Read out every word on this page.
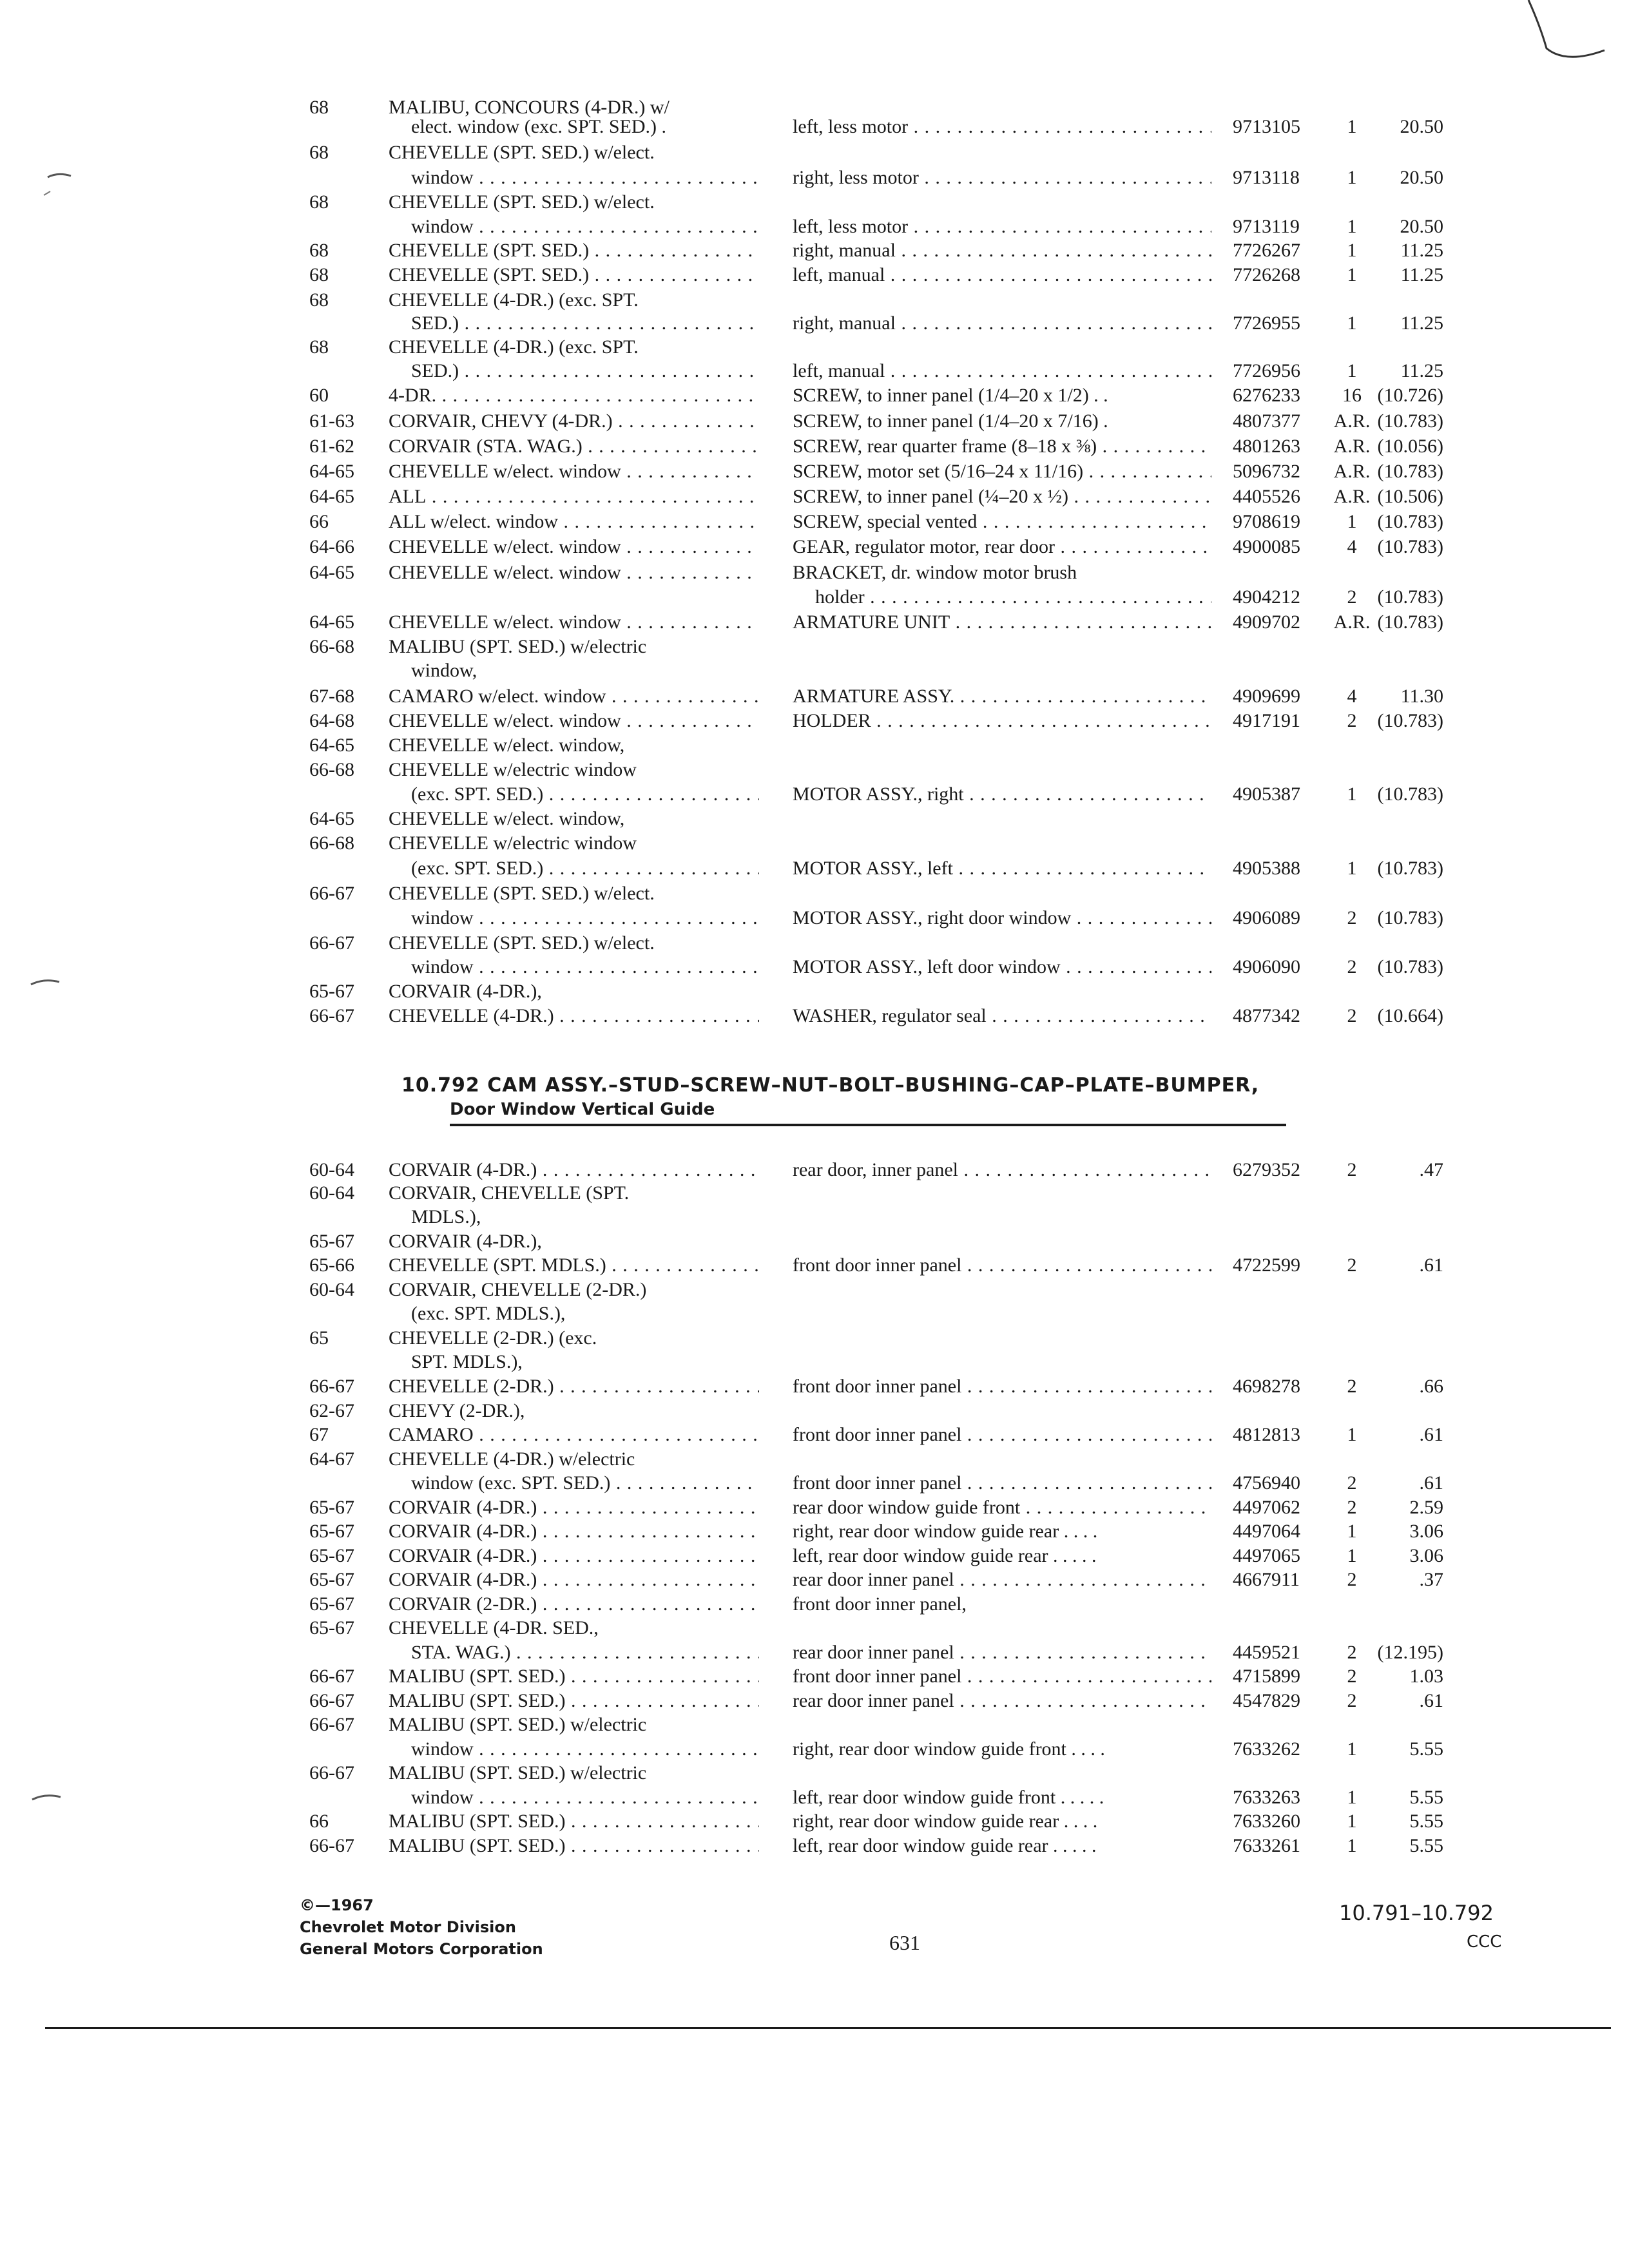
68	MALIBU, CONCOURS (4-DR.) w/
elect. window (exc. SPT. SED.) .	left, less motor . . .	9713105	1	20.50
68	CHEVELLE (SPT. SED.) w/elect.
window . . .	right, less motor . . .	9713118	1	20.50
68	CHEVELLE (SPT. SED.) w/elect.
window . . .	left, less motor . . .	9713119	1	20.50
68	CHEVELLE (SPT. SED.) . . .	right, manual . . .	7726267	1	11.25
68	CHEVELLE (SPT. SED.) . . .	left, manual . . .	7726268	1	11.25
68	CHEVELLE (4-DR.) (exc. SPT.
SED.) . . .	right, manual . . .	7726955	1	11.25
68	CHEVELLE (4-DR.) (exc. SPT.
SED.) . . .	left, manual . . .	7726956	1	11.25
60	4-DR. . . .	SCREW, to inner panel (1/4–20 x 1/2) . .	6276233	16 (10.726)
61-63 CORVAIR, CHEVY (4-DR.) . . .	SCREW, to inner panel (1/4–20 x 7/16) .	4807377 A.R. (10.783)
61-62 CORVAIR (STA. WAG.) . . .	SCREW, rear quarter frame (8–18 x ⅜) . . .	4801263 A.R. (10.056)
64-65 CHEVELLE w/elect. window . . .	SCREW, motor set (5/16–24 x 11/16) . . .	5096732 A.R. (10.783)
64-65 ALL . . .	SCREW, to inner panel (¼–20 x ½) . . .	4405526 A.R. (10.506)
66	ALL w/elect. window . . .	SCREW, special vented . . .	9708619	1	(10.783)
64-66 CHEVELLE w/elect. window . . .	GEAR, regulator motor, rear door . . .	4900085	4	(10.783)
64-65 CHEVELLE w/elect. window . . .	BRACKET, dr. window motor brush
holder . . .	4904212	2	(10.783)
64-65 CHEVELLE w/elect. window . . .	ARMATURE UNIT . . .	4909702 A.R. (10.783)
66-68 MALIBU (SPT. SED.) w/electric
window,
67-68 CAMARO w/elect. window . . .	ARMATURE ASSY. . . .	4909699	4	11.30
64-68 CHEVELLE w/elect. window . . .	HOLDER . . .	4917191	2	(10.783)
64-65 CHEVELLE w/elect. window,
66-68 CHEVELLE w/electric window
(exc. SPT. SED.) . . .	MOTOR ASSY., right . . .	4905387	1	(10.783)
64-65 CHEVELLE w/elect. window,
66-68 CHEVELLE w/electric window
(exc. SPT. SED.) . . .	MOTOR ASSY., left . . .	4905388	1	(10.783)
66-67 CHEVELLE (SPT. SED.) w/elect.
window . . .	MOTOR ASSY., right door window . . .	4906089	2	(10.783)
66-67 CHEVELLE (SPT. SED.) w/elect.
window . . .	MOTOR ASSY., left door window . . .	4906090	2	(10.783)
65-67 CORVAIR (4-DR.),
66-67 CHEVELLE (4-DR.) . . .	WASHER, regulator seal . . .	4877342	2	(10.664)
60-64 CORVAIR (4-DR.) . . .	rear door, inner panel . . .	6279352	2	.47
60-64 CORVAIR, CHEVELLE (SPT.
MDLS.),
65-67 CORVAIR (4-DR.),
65-66 CHEVELLE (SPT. MDLS.) . . .	front door inner panel . . .	4722599	2	.61
60-64 CORVAIR, CHEVELLE (2-DR.)
(exc. SPT. MDLS.),
65	CHEVELLE (2-DR.) (exc.
SPT. MDLS.),
66-67 CHEVELLE (2-DR.) . . .	front door inner panel . . .	4698278	2	.66
62-67 CHEVY (2-DR.),
67	CAMARO . . .	front door inner panel . . .	4812813	1	.61
64-67 CHEVELLE (4-DR.) w/electric
window (exc. SPT. SED.) . . .	front door inner panel . . .	4756940	2	.61
65-67 CORVAIR (4-DR.) . . .	rear door window guide front . . .	4497062	2	2.59
65-67 CORVAIR (4-DR.) . . .	right, rear door window guide rear . . . .	4497064	1	3.06
65-67 CORVAIR (4-DR.) . . .	left, rear door window guide rear . . . . .	4497065	1	3.06
65-67 CORVAIR (4-DR.) . . .	rear door inner panel . . .	4667911	2	.37
65-67 CORVAIR (2-DR.) . . .	front door inner panel,
65-67 CHEVELLE (4-DR. SED.,
STA. WAG.) . . .	rear door inner panel . . .	4459521	2	(12.195)
66-67 MALIBU (SPT. SED.) . . .	front door inner panel . . .	4715899	2	1.03
66-67 MALIBU (SPT. SED.) . . .	rear door inner panel . . .	4547829	2	.61
66-67 MALIBU (SPT. SED.) w/electric
window . . .	right, rear door window guide front . . . .	7633262	1	5.55
66-67 MALIBU (SPT. SED.) w/electric
window . . .	left, rear door window guide front . . . . .	7633263	1	5.55
66	MALIBU (SPT. SED.) . . .	right, rear door window guide rear . . . .	7633260	1	5.55
66-67 MALIBU (SPT. SED.) . . .	left, rear door window guide rear . . . . .	7633261	1	5.55
10.792 CAM ASSY.–STUD–SCREW–NUT–BOLT–BUSHING–CAP–PLATE–BUMPER,
Door Window Vertical Guide
©—1967
Chevrolet Motor Division
General Motors Corporation	631
10.791–10.792
CCC
